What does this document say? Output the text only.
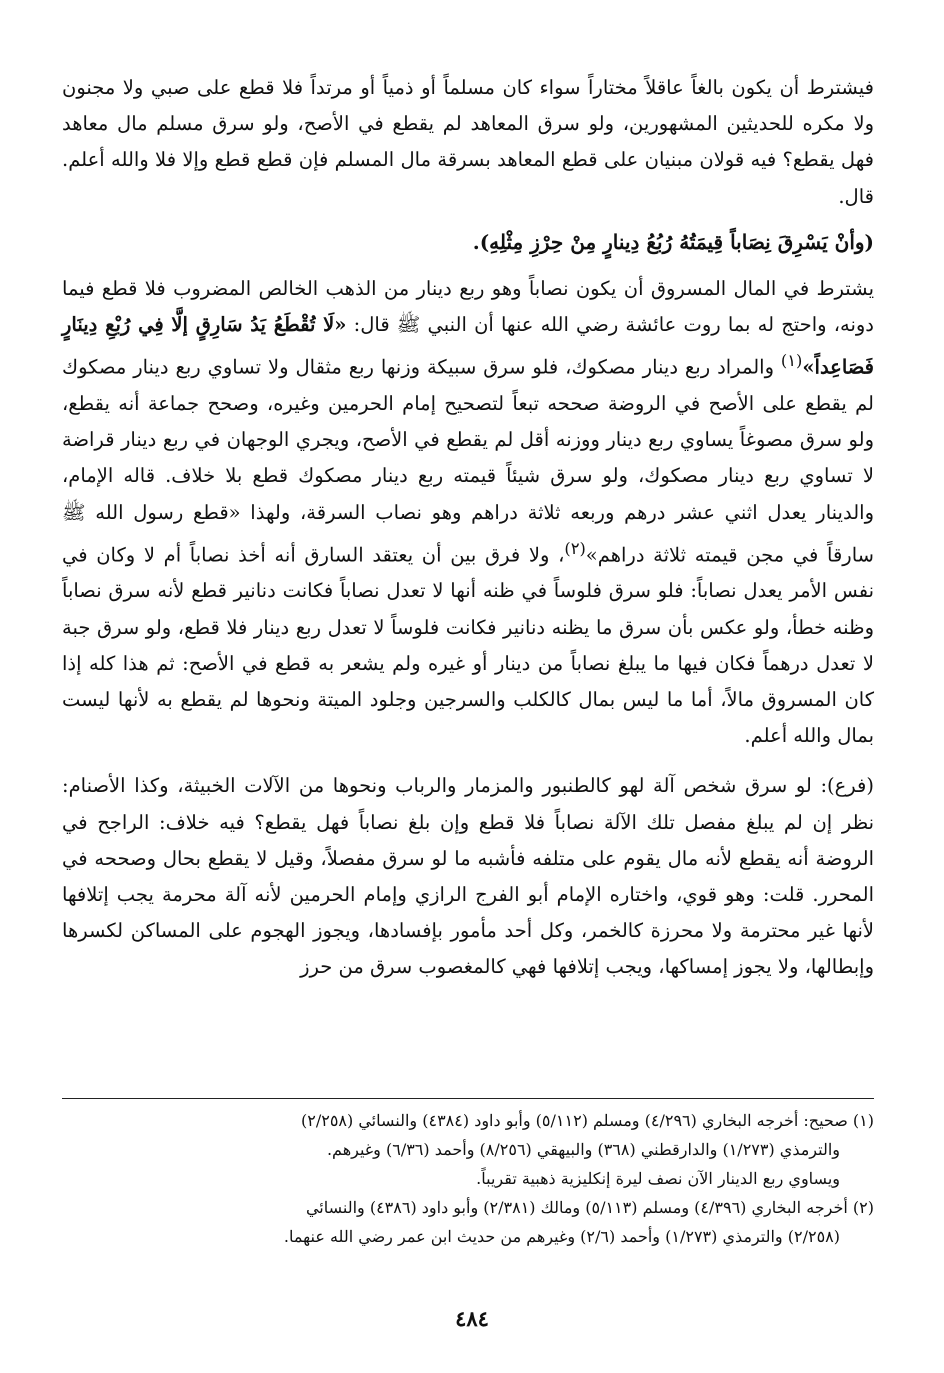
فيشترط أن يكون بالغاً عاقلاً مختاراً سواء كان مسلماً أو ذمياً أو مرتداً فلا قطع على صبي ولا مجنون ولا مكره للحديثين المشهورين، ولو سرق المعاهد لم يقطع في الأصح، ولو سرق مسلم مال معاهد فهل يقطع؟ فيه قولان مبنيان على قطع المعاهد بسرقة مال المسلم فإن قطع قطع وإلا فلا والله أعلم. قال.

(وأنْ يَسْرِقَ نِصَاباً قِيمَتُهُ رُبُعُ دِينارٍ مِنْ حِرْزِ مِثْلِهِ).

يشترط في المال المسروق أن يكون نصاباً وهو ربع دينار من الذهب الخالص المضروب فلا قطع فيما دونه، واحتج له بما روت عائشة رضي الله عنها أن النبي ﷺ قال: «لَا تُقْطَعُ يَدُ سَارِقٍ إلَّا فِي رُبْعِ دِينَارٍ فَصَاعِداً»$^{(١)}$ والمراد ربع دينار مصكوك، فلو سرق سبيكة وزنها ربع مثقال ولا تساوي ربع دينار مصكوك لم يقطع على الأصح في الروضة صححه تبعاً لتصحيح إمام الحرمين وغيره، وصحح جماعة أنه يقطع، ولو سرق مصوغاً يساوي ربع دينار ووزنه أقل لم يقطع في الأصح، ويجري الوجهان في ربع دينار قراضة لا تساوي ربع دينار مصكوك، ولو سرق شيئاً قيمته ربع دينار مصكوك قطع بلا خلاف. قاله الإمام، والدينار يعدل اثني عشر درهم وربعه ثلاثة دراهم وهو نصاب السرقة، ولهذا «قطع رسول الله ﷺ سارقاً في مجن قيمته ثلاثة دراهم»$^{(٢)}$، ولا فرق بين أن يعتقد السارق أنه أخذ نصاباً أم لا وكان في نفس الأمر يعدل نصاباً: فلو سرق فلوساً في ظنه أنها لا تعدل نصاباً فكانت دنانير قطع لأنه سرق نصاباً وظنه خطأ، ولو عكس بأن سرق ما يظنه دنانير فكانت فلوساً لا تعدل ربع دينار فلا قطع، ولو سرق جبة لا تعدل درهماً فكان فيها ما يبلغ نصاباً من دينار أو غيره ولم يشعر به قطع في الأصح: ثم هذا كله إذا كان المسروق مالاً، أما ما ليس بمال كالكلب والسرجين وجلود الميتة ونحوها لم يقطع به لأنها ليست بمال والله أعلم.

(فرع): لو سرق شخص آلة لهو كالطنبور والمزمار والرباب ونحوها من الآلات الخبيثة، وكذا الأصنام: نظر إن لم يبلغ مفصل تلك الآلة نصاباً فلا قطع وإن بلغ نصاباً فهل يقطع؟ فيه خلاف: الراجح في الروضة أنه يقطع لأنه مال يقوم على متلفه فأشبه ما لو سرق مفصلاً، وقيل لا يقطع بحال وصححه في المحرر. قلت: وهو قوي، واختاره الإمام أبو الفرج الرازي وإمام الحرمين لأنه آلة محرمة يجب إتلافها لأنها غير محترمة ولا محرزة كالخمر، وكل أحد مأمور بإفسادها، ويجوز الهجوم على المساكن لكسرها وإبطالها، ولا يجوز إمساكها، ويجب إتلافها فهي كالمغصوب سرق من حرز

(١) صحيح: أخرجه البخاري (٤/٢٩٦) ومسلم (٥/١١٢) وأبو داود (٤٣٨٤) والنسائي (٢/٢٥٨)

والترمذي (١/٢٧٣) والدارقطني (٣٦٨) والبيهقي (٨/٢٥٦) وأحمد (٦/٣٦) وغيرهم.

ويساوي ربع الدينار الآن نصف ليرة إنكليزية ذهبية تقريباً.

(٢) أخرجه البخاري (٤/٣٩٦) ومسلم (٥/١١٣) ومالك (٢/٣٨١) وأبو داود (٤٣٨٦) والنسائي

(٢/٢٥٨) والترمذي (١/٢٧٣) وأحمد (٢/٦) وغيرهم من حديث ابن عمر رضي الله عنهما.

٤٨٤
